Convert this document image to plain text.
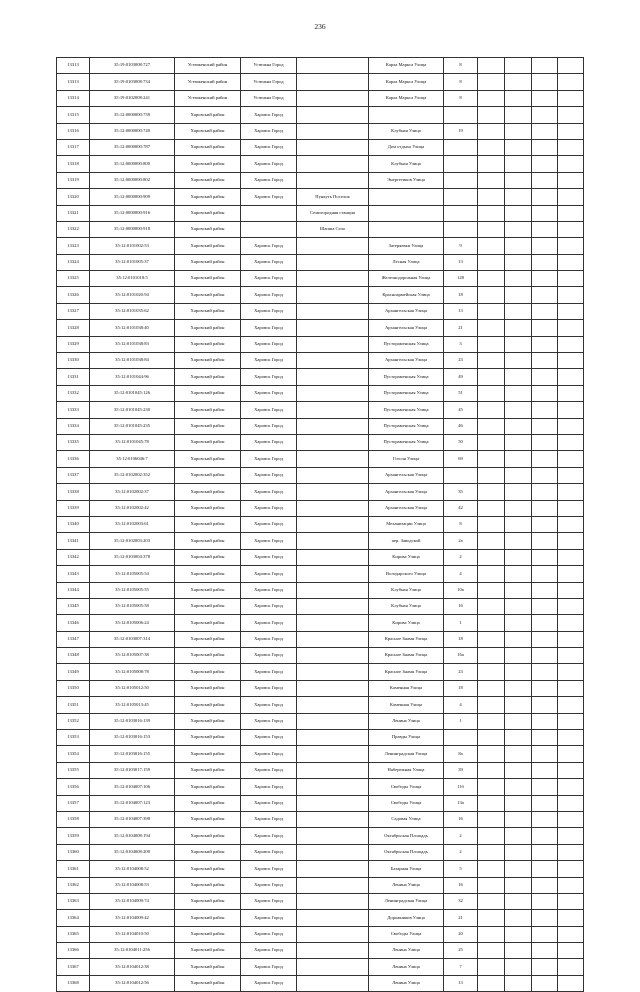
236
13313	35:19:0103008:727	Устюженский район	Устюжна Город		Карла Маркса Улица	8				
13313	35:19:0103008:734	Устюженский район	Устюжна Город		Карла Маркса Улица	8				
13314	35:19:0102008:241	Устюженский район	Устюжна Город		Карла Маркса Улица	8				
13315	35:12:0000000:739	Харовский район	Харовск Город							
13316	35:12:0000000:740	Харовский район	Харовск Город		Клубная Улица	19				
13317	35:12:0000000:787	Харовский район	Харовск Город		Дом отдыха Улица					
13318	35:12:0000000:800	Харовский район	Харовск Город		Клубная Улица					
13319	35:12:0000000:802	Харовский район	Харовск Город		Энергетиков Улица					
13320	35:12:0000000:909	Харовский район	Харовск Город	Пункуть Поселок						
13321	35:12:0000000:916	Харовский район		Семигородняя станция						
13322	35:12:0000000:918	Харовский район		Шапша Село						
13323	35:12:0101002:53	Харовский район	Харовск Город		Затеряевки Улица	9				
13324	35:12:0101005:37	Харовский район	Харовск Город		Лесная Улица	13				
13325	35:12:0101018:5	Харовский район	Харовск Город		Железнодорожная Улица	128				
13326	35:12:0101020:94	Харовский район	Харовск Город		Красноармейская Улица	18				
13327	35:12:0101035:62	Харовский район	Харовск Город		Архангельская Улица	13				
13328	35:12:0101038:40	Харовский район	Харовск Город		Архангельская Улица	21				
13329	35:12:0101038:83	Харовский район	Харовск Город		Пустораменская Улица	3				
13330	35:12:0101038:84	Харовский район	Харовск Город		Архангельская Улица	23				
13331	35:12:0101044:96	Харовский район	Харовск Город		Пустораменская Улица	49				
13332	35:12:0101045:126	Харовский район	Харовск Город		Пустораменская Улица	51				
13333	35:12:0101045:230	Харовский район	Харовск Город		Пустораменская Улица	45				
13334	35:12:0101045:235	Харовский район	Харовск Город		Пустораменская Улица	46				
13335	35:12:0101045:78	Харовский район	Харовск Город		Пустораменская Улица	50				
13336	35:12:0106046:7	Харовский район	Харовск Город		Гоголя Улица	69				
13337	35:12:0102002:352	Харовский район	Харовск Город		Архангельская Улица					
13338	35:12:0102002:37	Харовский район	Харовск Город		Архангельская Улица	35				
13339	35:12:0102002:42	Харовский район	Харовск Город		Архангельская Улица	42				
13340	35:12:0102003:61	Харовский район	Харовск Город		Механизации Улица	8				
13341	35:12:0102003:203	Харовский район	Харовск Город		пер. Заводской	2а				
13342	35:12:0103004:378	Харовский район	Харовск Город		Кирова Улица	2				
13343	35:12:0105005:54	Харовский район	Харовск Город		Володарского Улица	4				
13344	35:12:0105005:55	Харовский район	Харовск Город		Клубная Улица	10а				
13345	35:12:0105005:58	Харовский район	Харовск Город		Клубная Улица	16				
13346	35:12:0105006:24	Харовский район	Харовск Город		Кирова Улица	1				
13347	35:12:0103007:314	Харовский район	Харовск Город		Красное Знамя Улица	18				
13348	35:12:0105007:38	Харовский район	Харовск Город		Красное Знамя Улица	16а				
13349	35:12:0105008:78	Харовский район	Харовск Город		Красное Знамя Улица	23				
13350	35:12:0105012:50	Харовский район	Харовск Город		Каменная Улица	18				
13351	35:12:0105013:45	Харовский район	Харовск Город		Каменная Улица	4				
13352	35:12:0103016:139	Харовский район	Харовск Город		Ленина Улица	1				
13353	35:12:0103016:153	Харовский район	Харовск Город		Правды Улица					
13354	35:12:0103016:155	Харовский район	Харовск Город		Ленинградская Улица	8а				
13355	35:12:0103017:159	Харовский район	Харовск Город		Набережная Улица	39				
13356	35:12:0104007:106	Харовский район	Харовск Город		Свободы Улица	11б				
13357	35:12:0104007:123	Харовский район	Харовск Город		Свободы Улица	13а				
13358	35:12:0104007:398	Харовский район	Харовск Город		Садовая Улица	16				
13359	35:12:0104008:194	Харовский район	Харовск Город		Октябрьская Площадь	2				
13360	35:12:0104008:200	Харовский район	Харовск Город		Октябрьская Площадь	2				
13361	35:12:0104008:52	Харовский район	Харовск Город		Базарная Улица	5				
13362	35:12:0104008:53	Харовский район	Харовск Город		Ленина Улица	16				
13363	35:12:0104009:74	Харовский район	Харовск Город		Ленинградская Улица	32				
13364	35:12:0104009:42	Харовский район	Харовск Город		Дорожников Улица	21				
13365	35:12:0104010:50	Харовский район	Харовск Город		Свободы Улица	20				
13366	35:12:0104011:256	Харовский район	Харовск Город		Ленина Улица	25				
13367	35:12:0104012:38	Харовский район	Харовск Город		Ленина Улица	7				
13368	35:12:0104012:56	Харовский район	Харовск Город		Ленина Улица	13				
